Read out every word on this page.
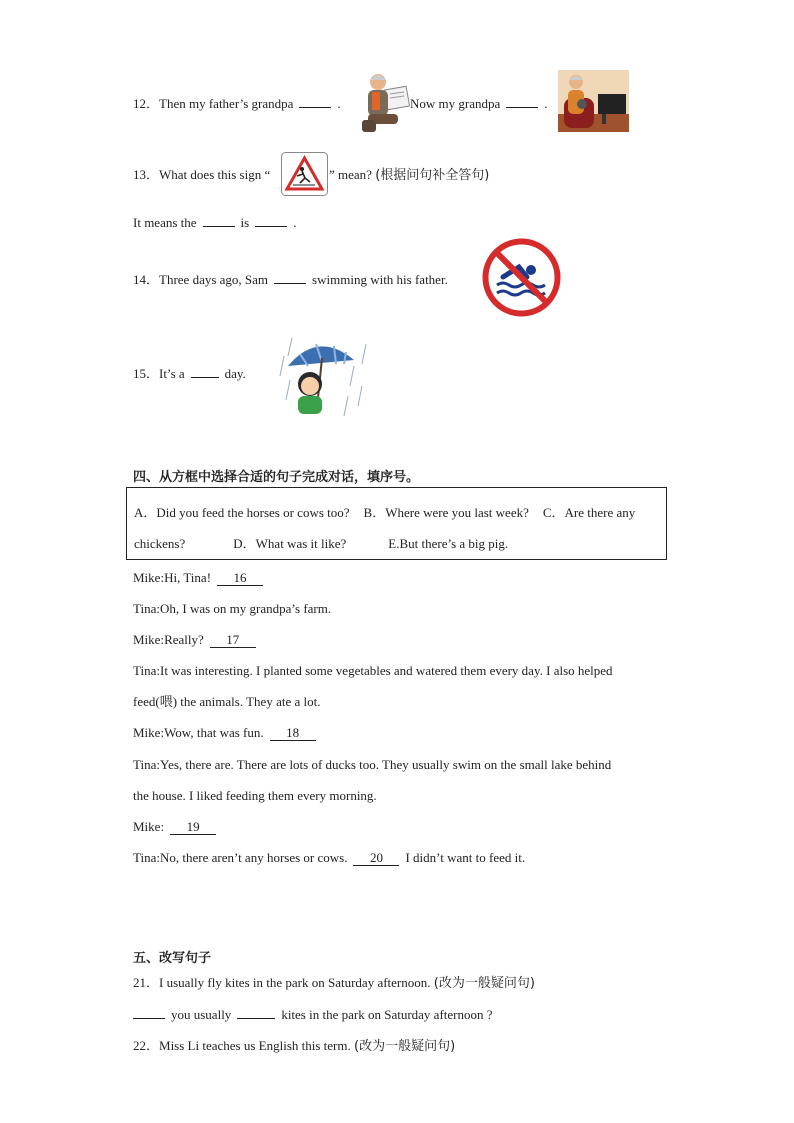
12．Then my father’s grandpa	.	Now my grandpa	.
13．What does this sign “	” mean? (根据问句补全答句)
It means the	is	.
14．Three days ago, Sam	swimming with his father.
15．It’s a	day.
四、从方框中选择合适的句子完成对话，填序号。
A．Did you feed the horses or cows too? B．Where were you last week? C．Are there any
chickens?	D．What was it like?	E.But there’s a big pig.
Mike:Hi, Tina! 16
Tina:Oh, I was on my grandpa’s farm.
Mike:Really? 17
Tina:It was interesting. I planted some vegetables and watered them every day. I also helped
feed(喂) the animals. They ate a lot.
Mike:Wow, that was fun. 18
Tina:Yes, there are. There are lots of ducks too. They usually swim on the small lake behind
the house. I liked feeding them every morning.
Mike: 19
Tina:No, there aren’t any horses or cows. 20 I didn’t want to feed it.
五、改写句子
21．I usually fly kites in the park on Saturday afternoon. (改为一般疑问句)
you usually	kites in the park on Saturday afternoon ?
22．Miss Li teaches us English this term. (改为一般疑问句)
